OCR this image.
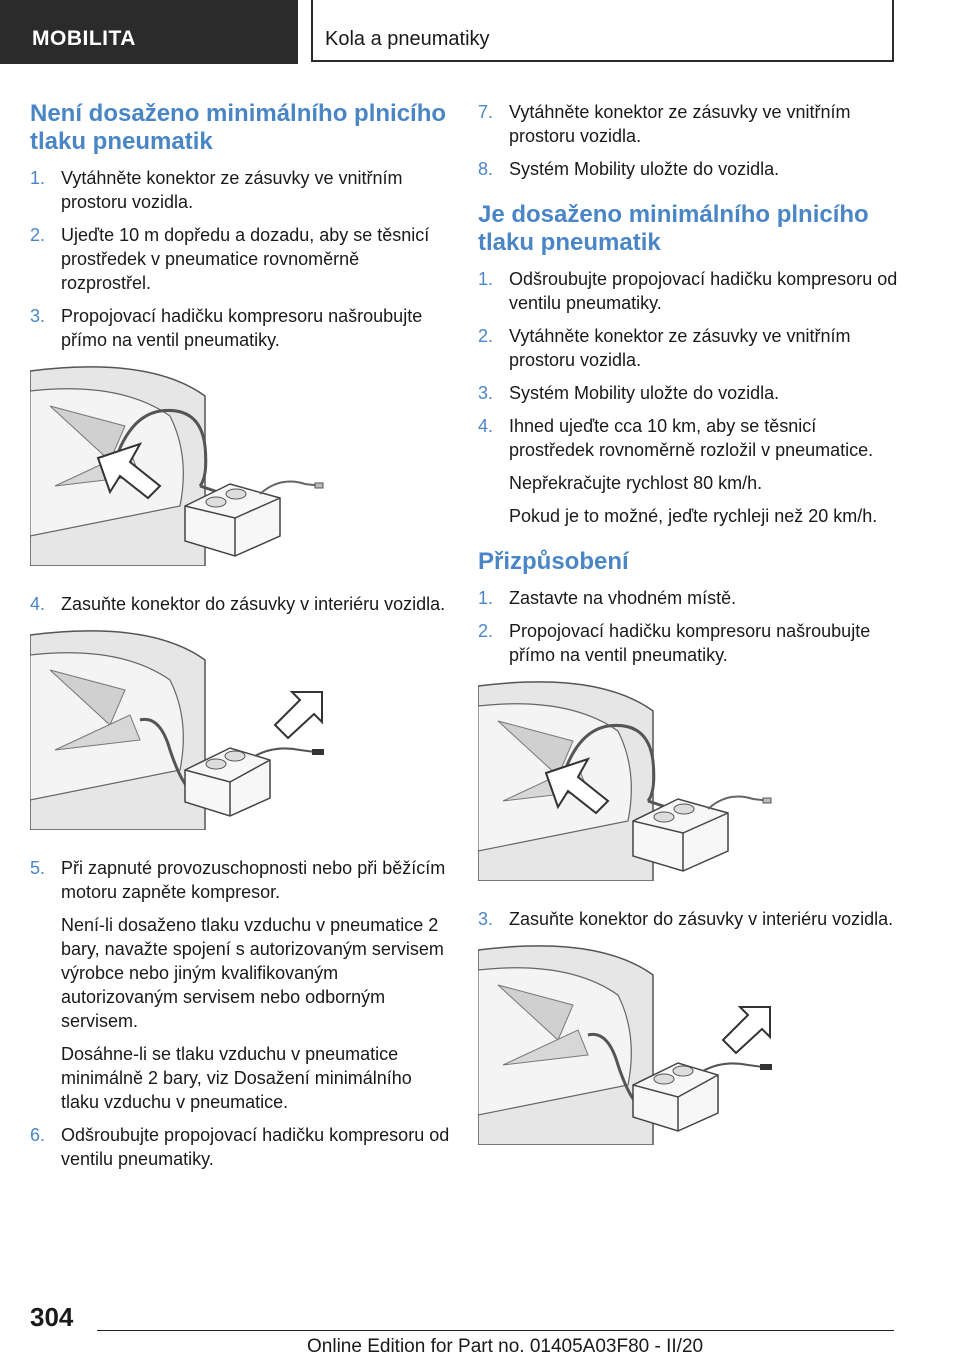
MOBILITA	Kola a pneumatiky
Není dosaženo minimálního plnicího tlaku pneumatik
1. Vytáhněte konektor ze zásuvky ve vnitřním prostoru vozidla.
2. Ujeďte 10 m dopředu a dozadu, aby se těsnicí prostředek v pneumatice rovnoměrně rozprostřel.
3. Propojovací hadičku kompresoru našroubujte přímo na ventil pneumatiky.
4. Zasuňte konektor do zásuvky v interiéru vozidla.
5. Při zapnuté provozuschopnosti nebo při běžícím motoru zapněte kompresor.
Není-li dosaženo tlaku vzduchu v pneumatice 2 bary, navažte spojení s autorizovaným servisem výrobce nebo jiným kvalifikovaným autorizovaným servisem nebo odborným servisem.
Dosáhne-li se tlaku vzduchu v pneumatice minimálně 2 bary, viz Dosažení minimálního tlaku vzduchu v pneumatice.
6. Odšroubujte propojovací hadičku kompresoru od ventilu pneumatiky.
7. Vytáhněte konektor ze zásuvky ve vnitřním prostoru vozidla.
8. Systém Mobility uložte do vozidla.
Je dosaženo minimálního plnicího tlaku pneumatik
1. Odšroubujte propojovací hadičku kompresoru od ventilu pneumatiky.
2. Vytáhněte konektor ze zásuvky ve vnitřním prostoru vozidla.
3. Systém Mobility uložte do vozidla.
4. Ihned ujeďte cca 10 km, aby se těsnicí prostředek rovnoměrně rozložil v pneumatice.
Nepřekračujte rychlost 80 km/h.
Pokud je to možné, jeďte rychleji než 20 km/h.
Přizpůsobení
1. Zastavte na vhodném místě.
2. Propojovací hadičku kompresoru našroubujte přímo na ventil pneumatiky.
3. Zasuňte konektor do zásuvky v interiéru vozidla.
304
Online Edition for Part no. 01405A03F80 - II/20
